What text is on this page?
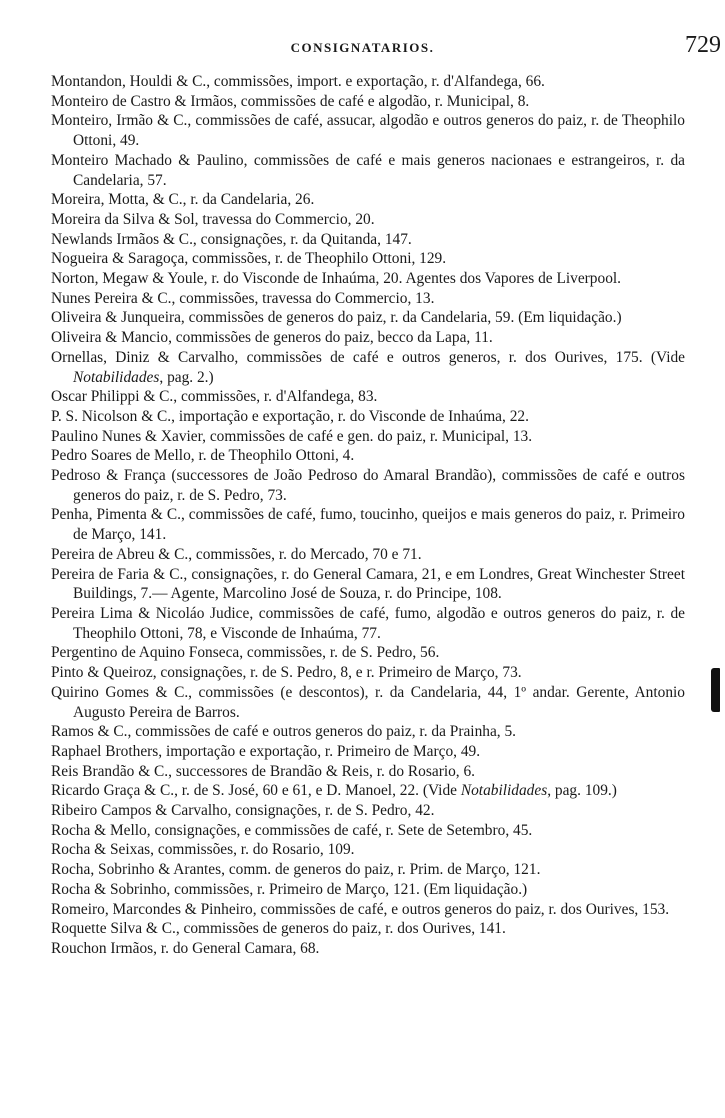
CONSIGNATARIOS.	729

Montandon, Houldi & C., commissões, import. e exportação, r. d'Alfandega, 66.

Monteiro de Castro & Irmãos, commissões de café e algodão, r. Municipal, 8.

Monteiro, Irmão & C., commissões de café, assucar, algodão e outros generos do paiz, r. de Theophilo Ottoni, 49.

Monteiro Machado & Paulino, commissões de café e mais generos nacionaes e estrangeiros, r. da Candelaria, 57.

Moreira, Motta, & C., r. da Candelaria, 26.

Moreira da Silva & Sol, travessa do Commercio, 20.

Newlands Irmãos & C., consignações, r. da Quitanda, 147.

Nogueira & Saragoça, commissões, r. de Theophilo Ottoni, 129.

Norton, Megaw & Youle, r. do Visconde de Inhaúma, 20. Agentes dos Vapores de Liverpool.

Nunes Pereira & C., commissões, travessa do Commercio, 13.

Oliveira & Junqueira, commissões de generos do paiz, r. da Candelaria, 59. (Em liquidação.)

Oliveira & Mancio, commissões de generos do paiz, becco da Lapa, 11.

Ornellas, Diniz & Carvalho, commissões de café e outros generos, r. dos Ourives, 175. (Vide Notabilidades, pag. 2.)

Oscar Philippi & C., commissões, r. d'Alfandega, 83.

P. S. Nicolson & C., importação e exportação, r. do Visconde de Inhaúma, 22.

Paulino Nunes & Xavier, commissões de café e gen. do paiz, r. Municipal, 13.

Pedro Soares de Mello, r. de Theophilo Ottoni, 4.

Pedroso & França (successores de João Pedroso do Amaral Brandão), commissões de café e outros generos do paiz, r. de S. Pedro, 73.

Penha, Pimenta & C., commissões de café, fumo, toucinho, queijos e mais generos do paiz, r. Primeiro de Março, 141.

Pereira de Abreu & C., commissões, r. do Mercado, 70 e 71.

Pereira de Faria & C., consignações, r. do General Camara, 21, e em Londres, Great Winchester Street Buildings, 7.— Agente, Marcolino José de Souza, r. do Principe, 108.

Pereira Lima & Nicoláo Judice, commissões de café, fumo, algodão e outros generos do paiz, r. de Theophilo Ottoni, 78, e Visconde de Inhaúma, 77.

Pergentino de Aquino Fonseca, commissões, r. de S. Pedro, 56.

Pinto & Queiroz, consignações, r. de S. Pedro, 8, e r. Primeiro de Março, 73.

Quirino Gomes & C., commissões (e descontos), r. da Candelaria, 44, 1º andar. Gerente, Antonio Augusto Pereira de Barros.

Ramos & C., commissões de café e outros generos do paiz, r. da Prainha, 5.

Raphael Brothers, importação e exportação, r. Primeiro de Março, 49.

Reis Brandão & C., successores de Brandão & Reis, r. do Rosario, 6.

Ricardo Graça & C., r. de S. José, 60 e 61, e D. Manoel, 22. (Vide Notabilidades, pag. 109.)

Ribeiro Campos & Carvalho, consignações, r. de S. Pedro, 42.

Rocha & Mello, consignações, e commissões de café, r. Sete de Setembro, 45.

Rocha & Seixas, commissões, r. do Rosario, 109.

Rocha, Sobrinho & Arantes, comm. de generos do paiz, r. Prim. de Março, 121.

Rocha & Sobrinho, commissões, r. Primeiro de Março, 121. (Em liquidação.)

Romeiro, Marcondes & Pinheiro, commissões de café, e outros generos do paiz, r. dos Ourives, 153.

Roquette Silva & C., commissões de generos do paiz, r. dos Ourives, 141.

Rouchon Irmãos, r. do General Camara, 68.
